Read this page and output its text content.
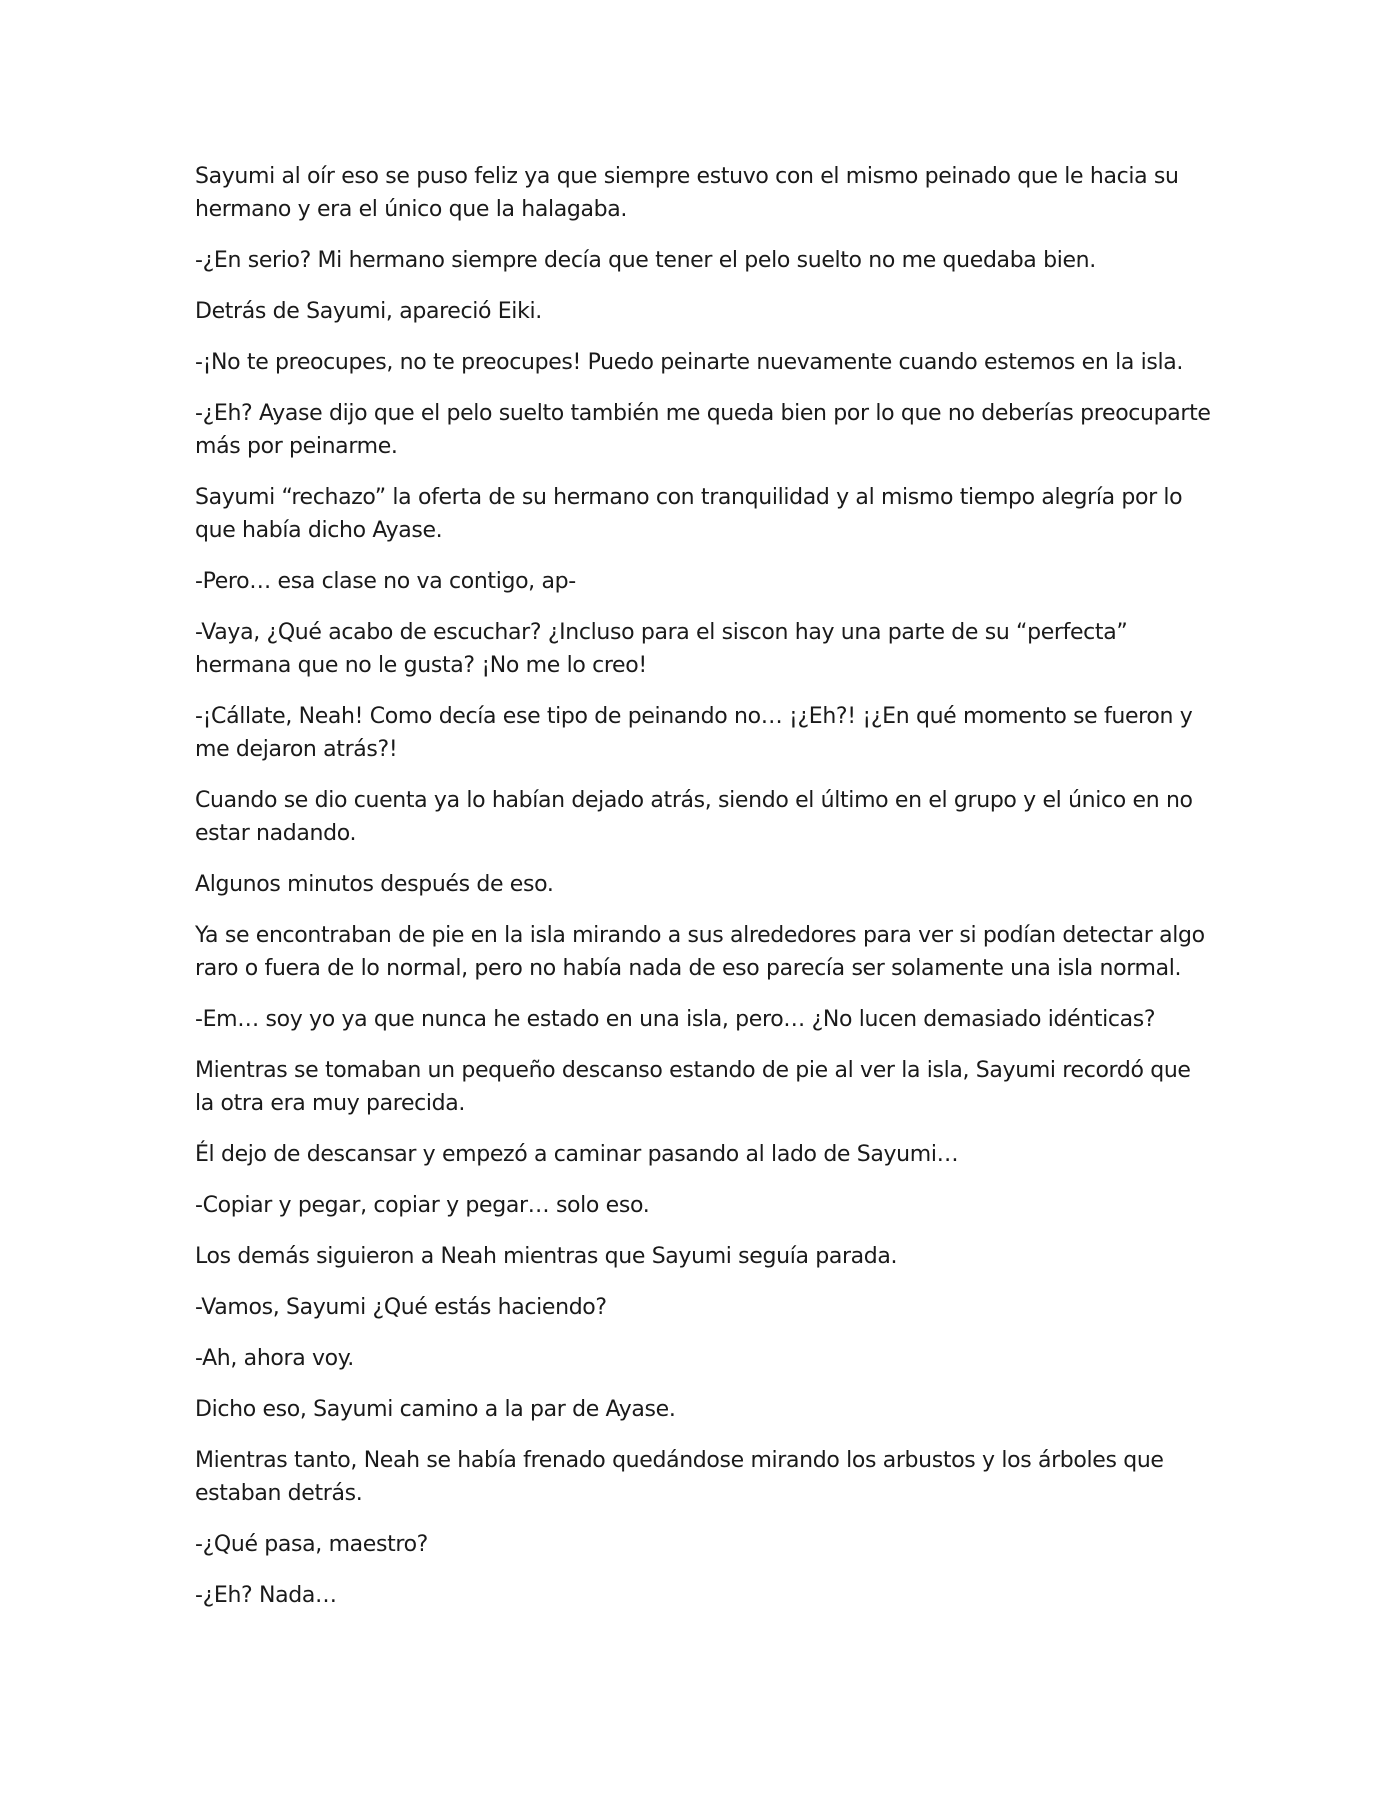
Sayumi al oír eso se puso feliz ya que siempre estuvo con el mismo peinado que le hacia su hermano y era el único que la halagaba.

-¿En serio? Mi hermano siempre decía que tener el pelo suelto no me quedaba bien.

Detrás de Sayumi, apareció Eiki.

-¡No te preocupes, no te preocupes! Puedo peinarte nuevamente cuando estemos en la isla.

-¿Eh? Ayase dijo que el pelo suelto también me queda bien por lo que no deberías preocuparte más por peinarme.

Sayumi “rechazo” la oferta de su hermano con tranquilidad y al mismo tiempo alegría por lo que había dicho Ayase.

-Pero… esa clase no va contigo, ap-

-Vaya, ¿Qué acabo de escuchar? ¿Incluso para el siscon hay una parte de su “perfecta” hermana que no le gusta? ¡No me lo creo!

-¡Cállate, Neah! Como decía ese tipo de peinando no… ¡¿Eh?! ¡¿En qué momento se fueron y me dejaron atrás?!

Cuando se dio cuenta ya lo habían dejado atrás, siendo el último en el grupo y el único en no estar nadando.

Algunos minutos después de eso.

Ya se encontraban de pie en la isla mirando a sus alrededores para ver si podían detectar algo raro o fuera de lo normal, pero no había nada de eso parecía ser solamente una isla normal.

-Em… soy yo ya que nunca he estado en una isla, pero… ¿No lucen demasiado idénticas?

Mientras se tomaban un pequeño descanso estando de pie al ver la isla, Sayumi recordó que la otra era muy parecida.

Él dejo de descansar y empezó a caminar pasando al lado de Sayumi…

-Copiar y pegar, copiar y pegar… solo eso.

Los demás siguieron a Neah mientras que Sayumi seguía parada.

-Vamos, Sayumi ¿Qué estás haciendo?

-Ah, ahora voy.

Dicho eso, Sayumi camino a la par de Ayase.

Mientras tanto, Neah se había frenado quedándose mirando los arbustos y los árboles que estaban detrás.

-¿Qué pasa, maestro?

-¿Eh? Nada…
